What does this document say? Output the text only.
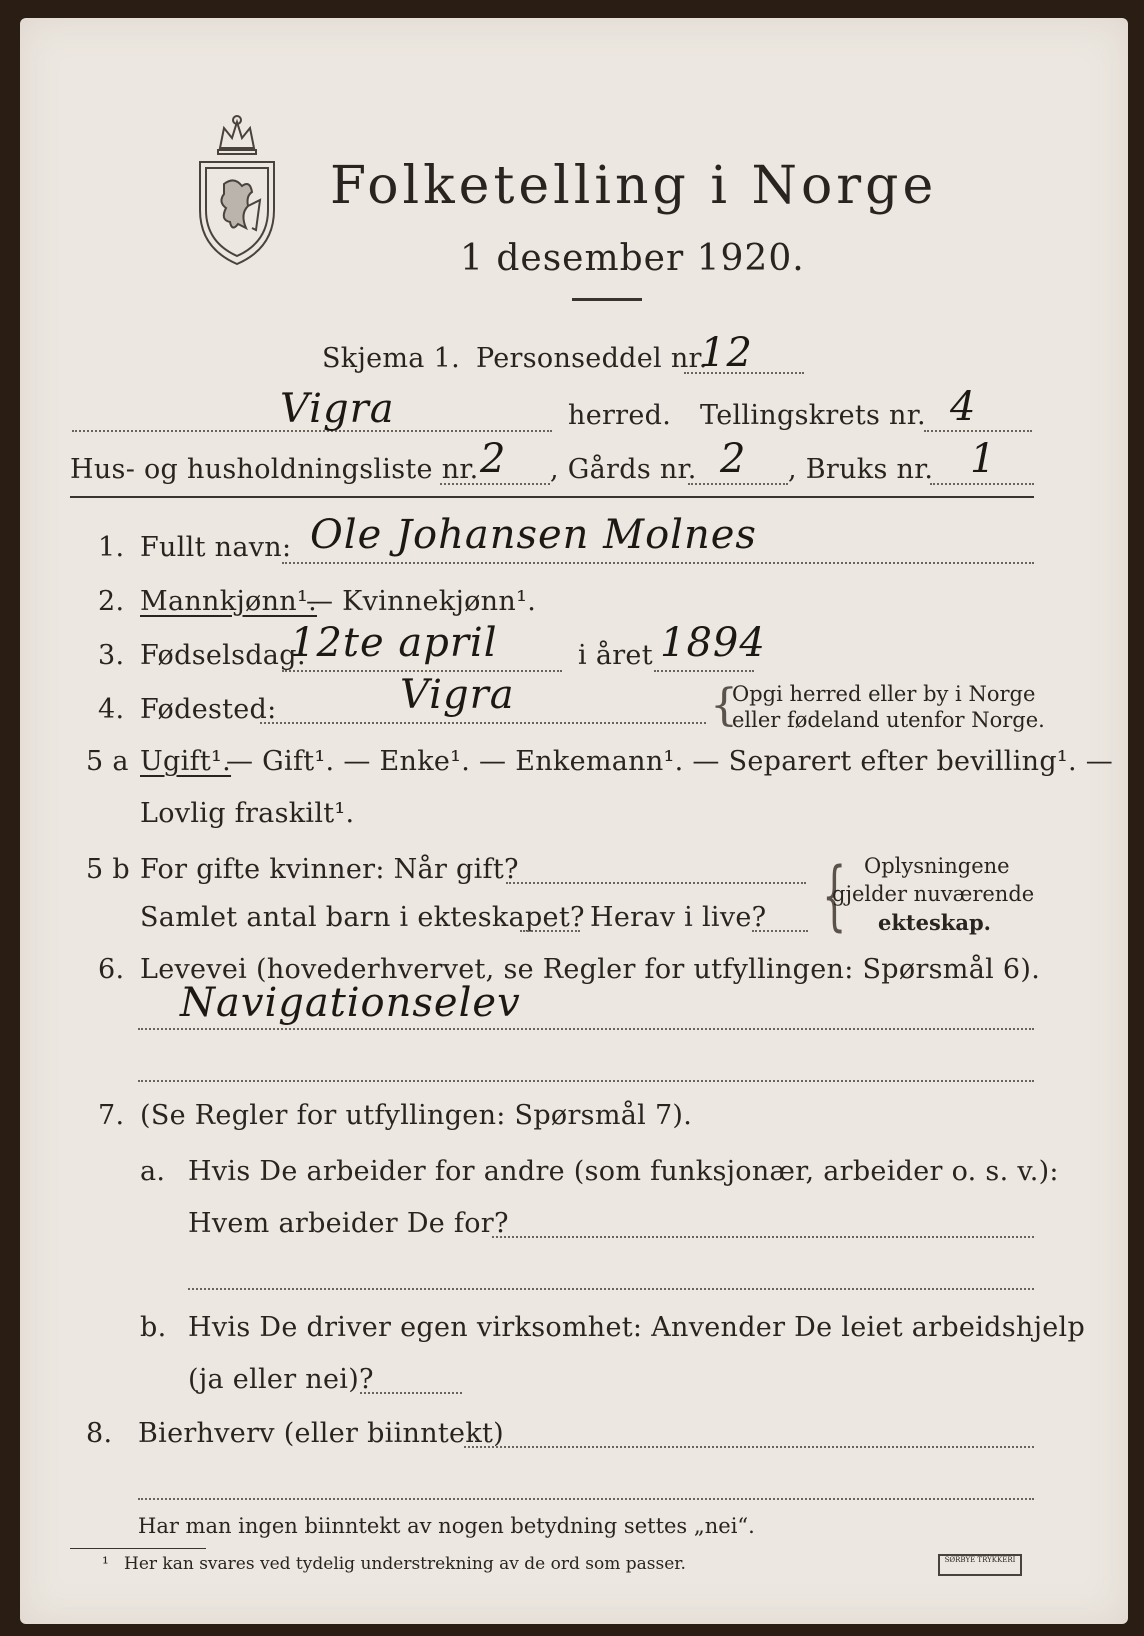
Folketelling i Norge
1 desember 1920.
Skjema 1. Personseddel nr.
12
Vigra	herred. Tellingskrets nr. 4
Hus- og husholdningsliste nr. 2 , Gårds nr. 2 , Bruks nr. 1
1. Fullt navn: Ole Johansen Molnes
2. Mannkjønn¹.
— Kvinnekjønn¹.
3. Fødselsdag:
12te april	i året 1894
4. Fødested:	Vigra	{
Opgi herred eller by i Norge
eller fødeland utenfor Norge.
5 a Ugift¹.
— Gift¹. — Enke¹. — Enkemann¹. — Separert efter bevilling¹. —
Lovlig fraskilt¹.
5 b For gifte kvinner: Når gift?
Samlet antal barn i ekteskapet? Herav i live? { Oplysningene
gjelder nuværende
ekteskap.
6. Levevei (hovederhvervet, se Regler for utfyllingen: Spørsmål 6).
Navigationselev
7. (Se Regler for utfyllingen: Spørsmål 7).
a. Hvis De arbeider for andre (som funksjonær, arbeider o. s. v.):
Hvem arbeider De for?
b. Hvis De driver egen virksomhet: Anvender De leiet arbeidshjelp
(ja eller nei)?
8. Bierhverv (eller biinntekt)
Har man ingen biinntekt av nogen betydning settes „nei“.
¹ Her kan svares ved tydelig understrekning av de ord som passer.	SØRBYE TRYKKERI
